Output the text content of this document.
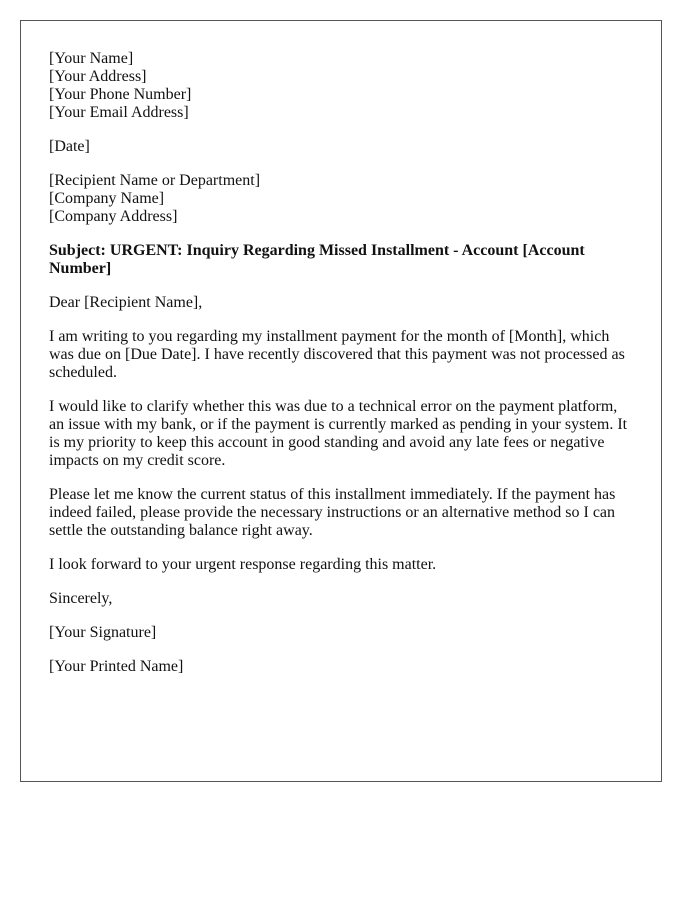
[Your Name]
[Your Address]
[Your Phone Number]
[Your Email Address]
[Date]
[Recipient Name or Department]
[Company Name]
[Company Address]
Subject: URGENT: Inquiry Regarding Missed Installment - Account [Account Number]
Dear [Recipient Name],
I am writing to you regarding my installment payment for the month of [Month], which was due on [Due Date]. I have recently discovered that this payment was not processed as scheduled.
I would like to clarify whether this was due to a technical error on the payment platform, an issue with my bank, or if the payment is currently marked as pending in your system. It is my priority to keep this account in good standing and avoid any late fees or negative impacts on my credit score.
Please let me know the current status of this installment immediately. If the payment has indeed failed, please provide the necessary instructions or an alternative method so I can settle the outstanding balance right away.
I look forward to your urgent response regarding this matter.
Sincerely,
[Your Signature]
[Your Printed Name]
